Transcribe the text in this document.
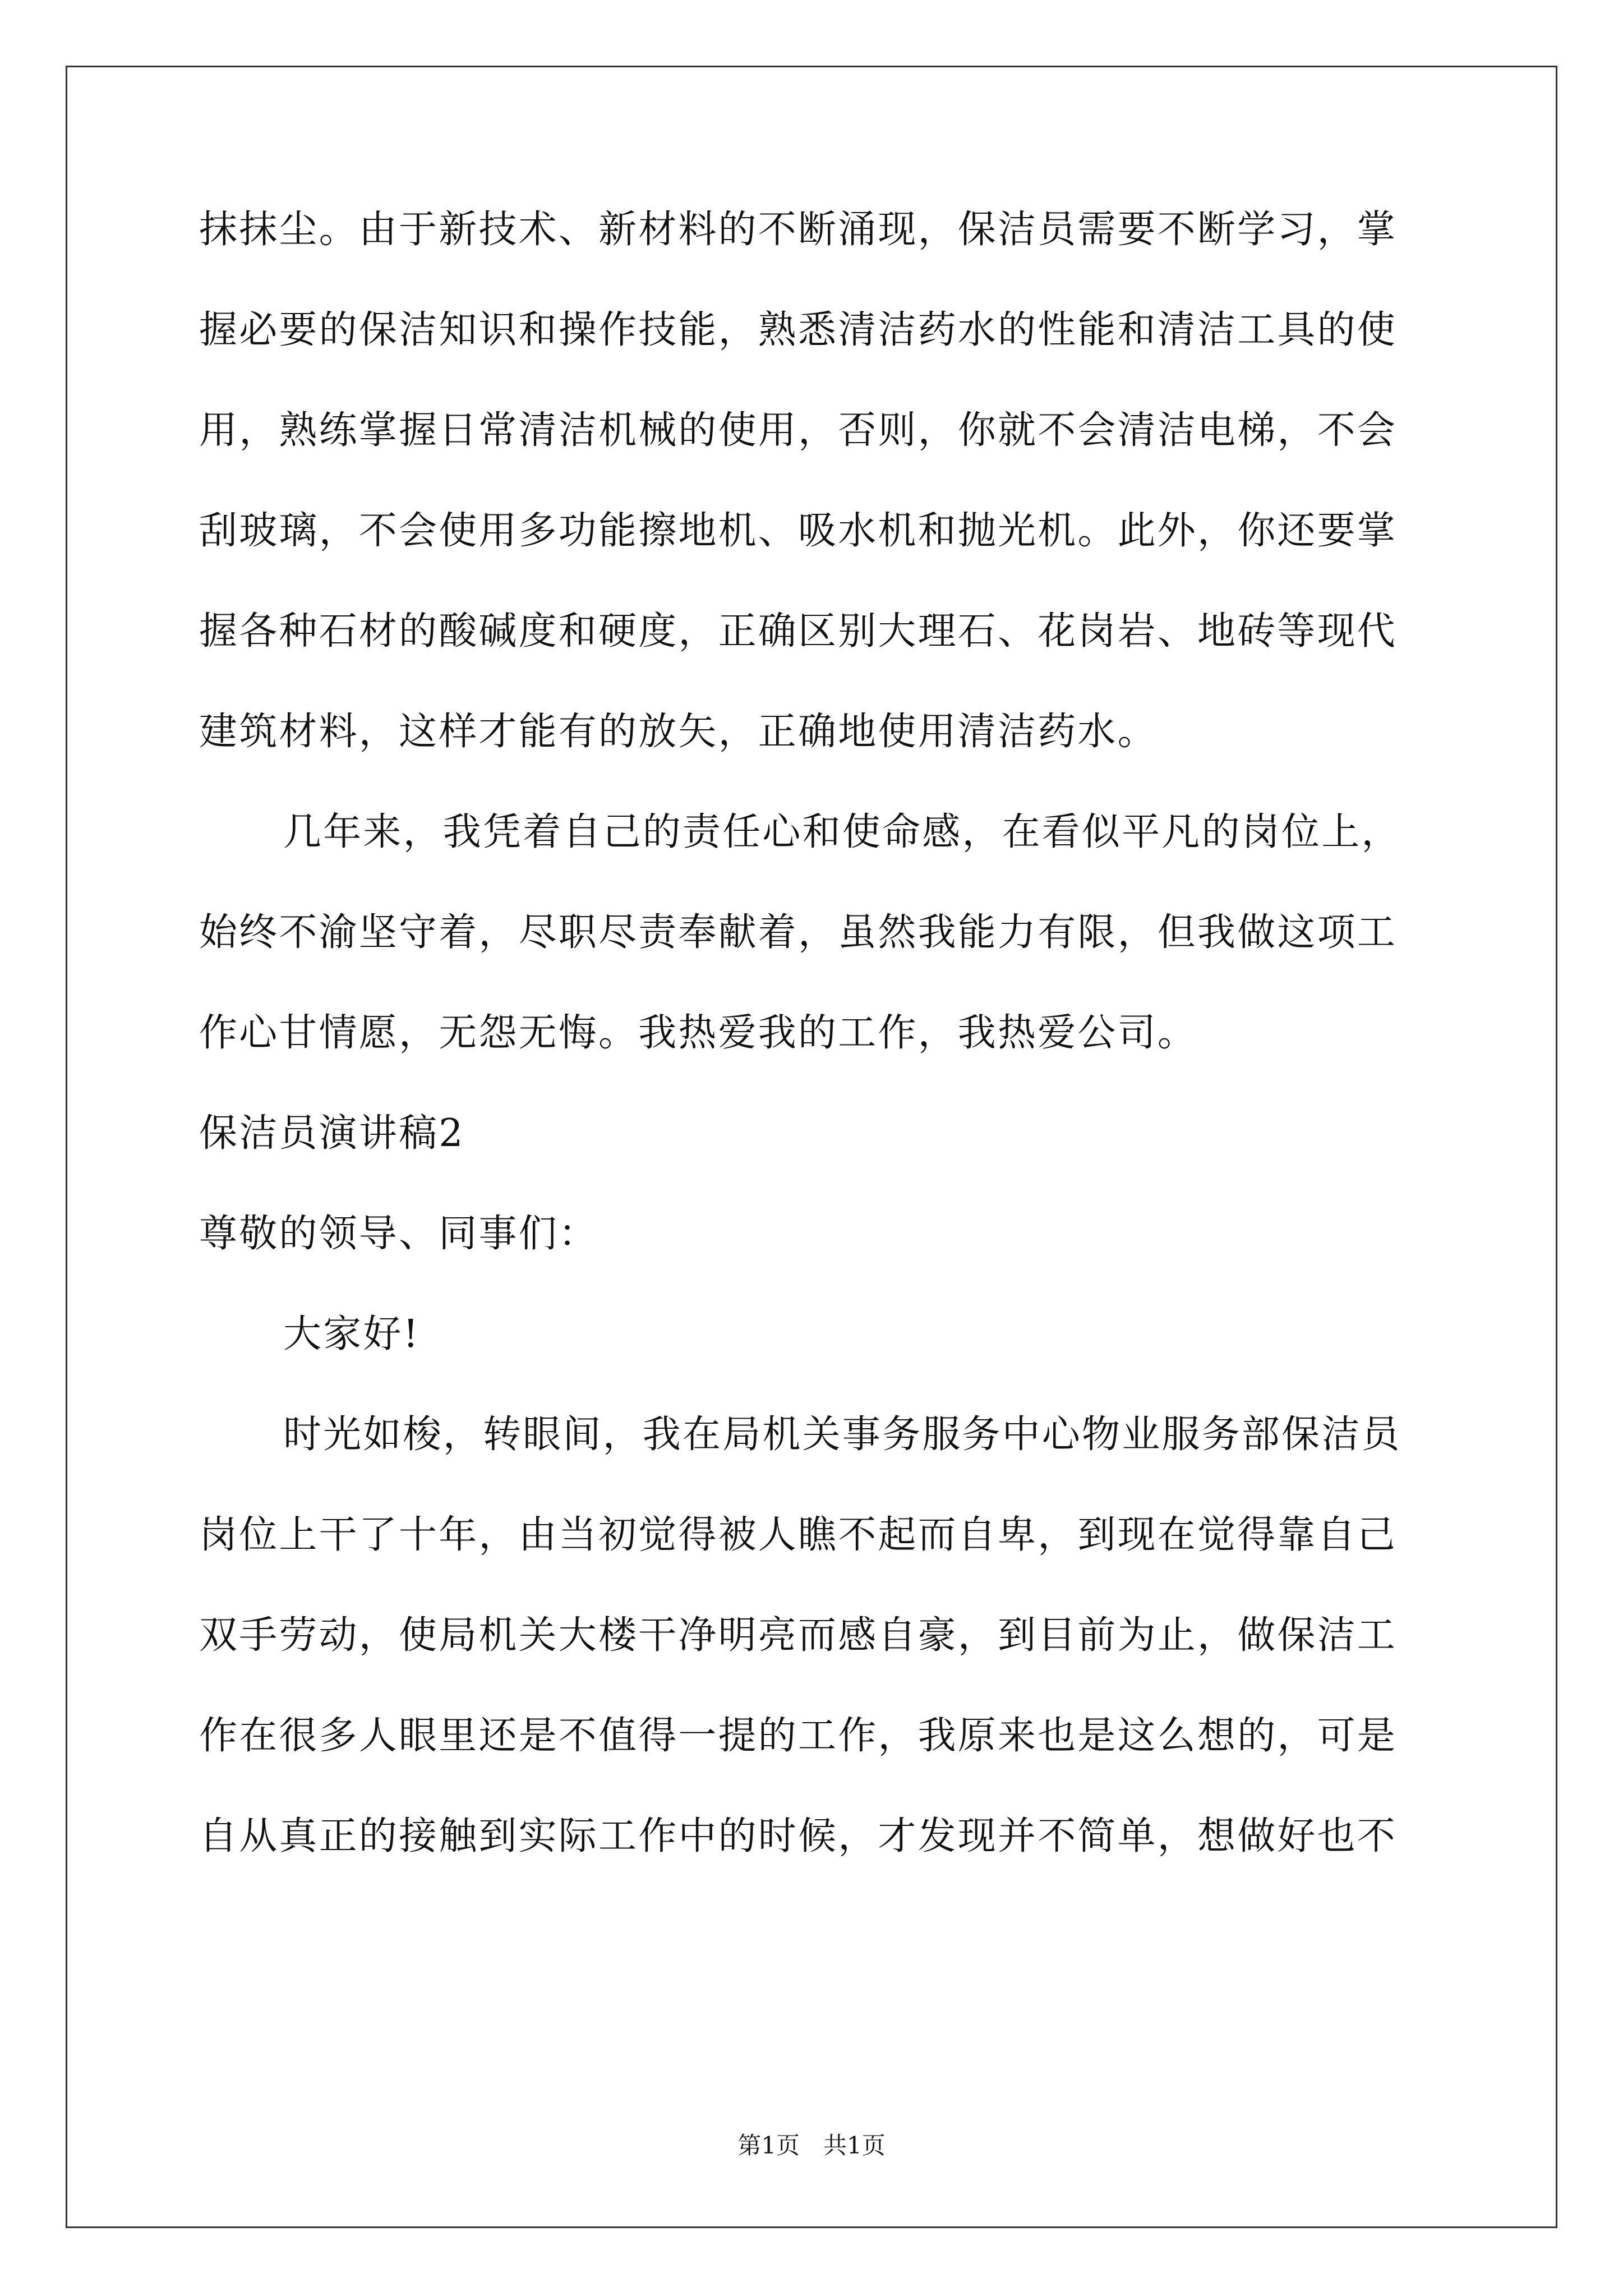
抹抹尘。由于新技术、新材料的不断涌现，保洁员需要不断学习，掌
握必要的保洁知识和操作技能，熟悉清洁药水的性能和清洁工具的使
用，熟练掌握日常清洁机械的使用，否则，你就不会清洁电梯，不会
刮玻璃，不会使用多功能擦地机、吸水机和抛光机。此外，你还要掌
握各种石材的酸碱度和硬度，正确区别大理石、花岗岩、地砖等现代
建筑材料，这样才能有的放矢，正确地使用清洁药水。
几年来，我凭着自己的责任心和使命感，在看似平凡的岗位上，
始终不渝坚守着，尽职尽责奉献着，虽然我能力有限，但我做这项工
作心甘情愿，无怨无悔。我热爱我的工作，我热爱公司。
保洁员演讲稿2
尊敬的领导、同事们：
大家好!
时光如梭，转眼间，我在局机关事务服务中心物业服务部保洁员
岗位上干了十年，由当初觉得被人瞧不起而自卑，到现在觉得靠自己
双手劳动，使局机关大楼干净明亮而感自豪，到目前为止，做保洁工
作在很多人眼里还是不值得一提的工作，我原来也是这么想的，可是
自从真正的接触到实际工作中的时候，才发现并不简单，想做好也不
第1页　共1页
